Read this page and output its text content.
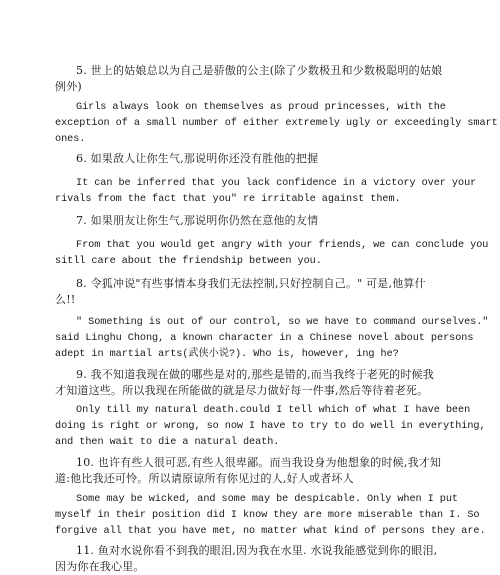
5. 世上的姑娘总以为自己是骄傲的公主(除了少数极丑和少数极聪明的姑娘
例外)
Girls always look on themselves as proud princesses, with the
exception of a small number of either extremely ugly or exceedingly smart
ones.
6. 如果敌人让你生气,那说明你还没有胜他的把握
It can be inferred that you lack confidence in a victory over your
rivals from the fact that you" re irritable against them.
7. 如果朋友让你生气,那说明你仍然在意他的友情
From that you would get angry with your friends, we can conclude you
sitll care about the friendship between you.
8. 令狐冲说"有些事情本身我们无法控制,只好控制自己。" 可是,他算什
么!!
" Something is out of our control, so we have to command ourselves."
said Linghu Chong, a known character in a Chinese novel about persons
adept in martial arts(武侠小说?). Who is, however, ing he?
9. 我不知道我现在做的哪些是对的,那些是错的,而当我终于老死的时候我
才知道这些。所以我现在所能做的就是尽力做好每一件事,然后等待着老死。
Only till my natural death.could I tell which of what I have been
doing is right or wrong, so now I have to try to do well in everything,
and then wait to die a natural death.
10. 也许有些人很可恶,有些人很卑鄙。而当我设身为他想象的时候,我才知
道:他比我还可怜。所以请原谅所有你见过的人,好人或者坏人
Some may be wicked, and some may be despicable. Only when I put
myself in their position did I know they are more miserable than I. So
forgive all that you have met, no matter what kind of persons they are.
11. 鱼对水说你看不到我的眼泪,因为我在水里. 水说我能感觉到你的眼泪,
因为你在我心里。
